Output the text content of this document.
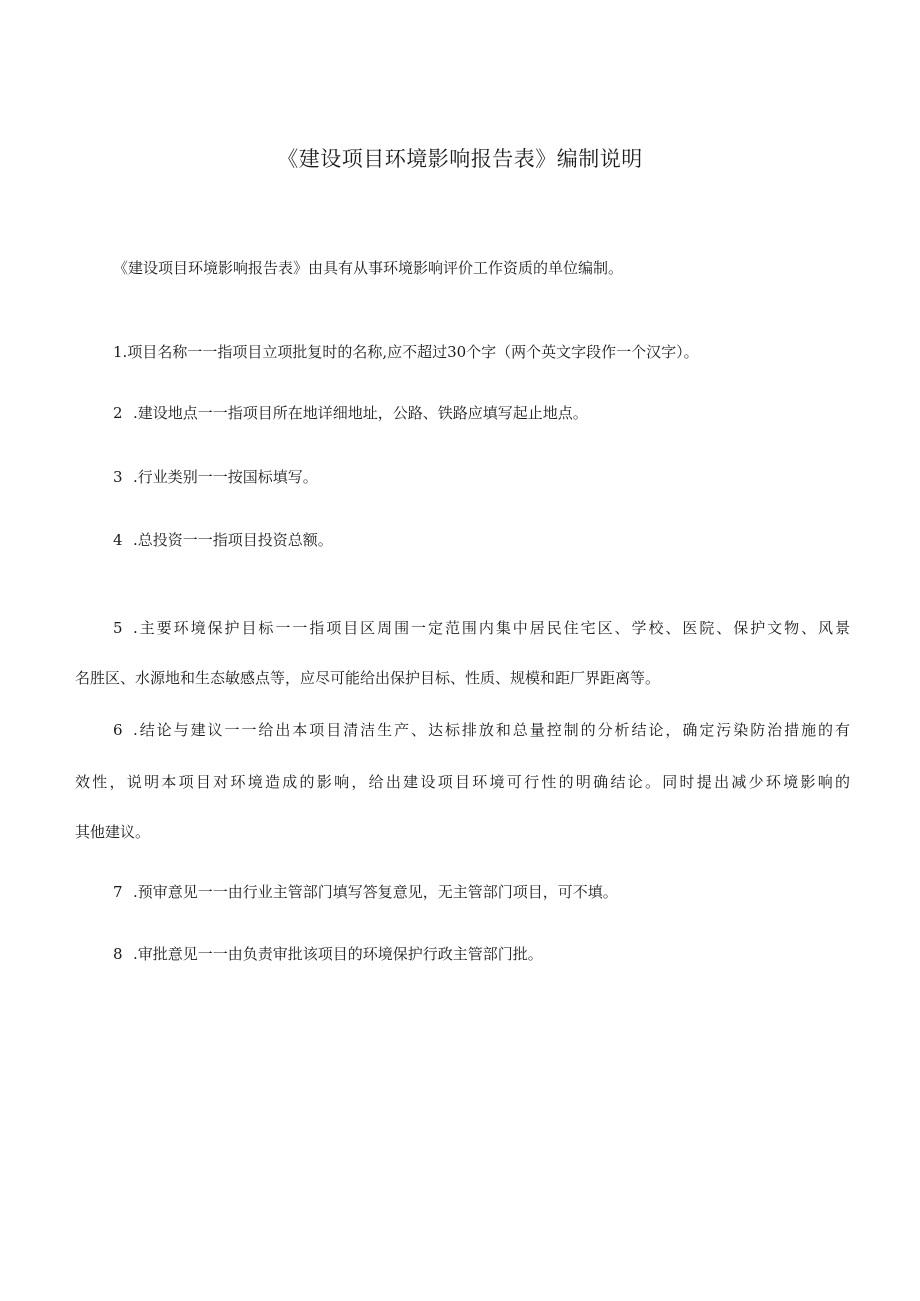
《建设项目环境影响报告表》编制说明
《建设项目环境影响报告表》由具有从事环境影响评价工作资质的单位编制。
1.项目名称一一指项目立项批复时的名称,应不超过30个字（两个英文字段作一个汉字）。
2 .建设地点一一指项目所在地详细地址，公路、铁路应填写起止地点。
3 .行业类别一一按国标填写。
4 .总投资一一指项目投资总额。
5 .主要环境保护目标一一指项目区周围一定范围内集中居民住宅区、学校、医院、保护文物、风景
名胜区、水源地和生态敏感点等，应尽可能给出保护目标、性质、规模和距厂界距离等。
6 .结论与建议一一给出本项目清洁生产、达标排放和总量控制的分析结论，确定污染防治措施的有
效性，说明本项目对环境造成的影响，给出建设项目环境可行性的明确结论。同时提出减少环境影响的
其他建议。
7 .预审意见一一由行业主管部门填写答复意见，无主管部门项目，可不填。
8 .审批意见一一由负责审批该项目的环境保护行政主管部门批。
